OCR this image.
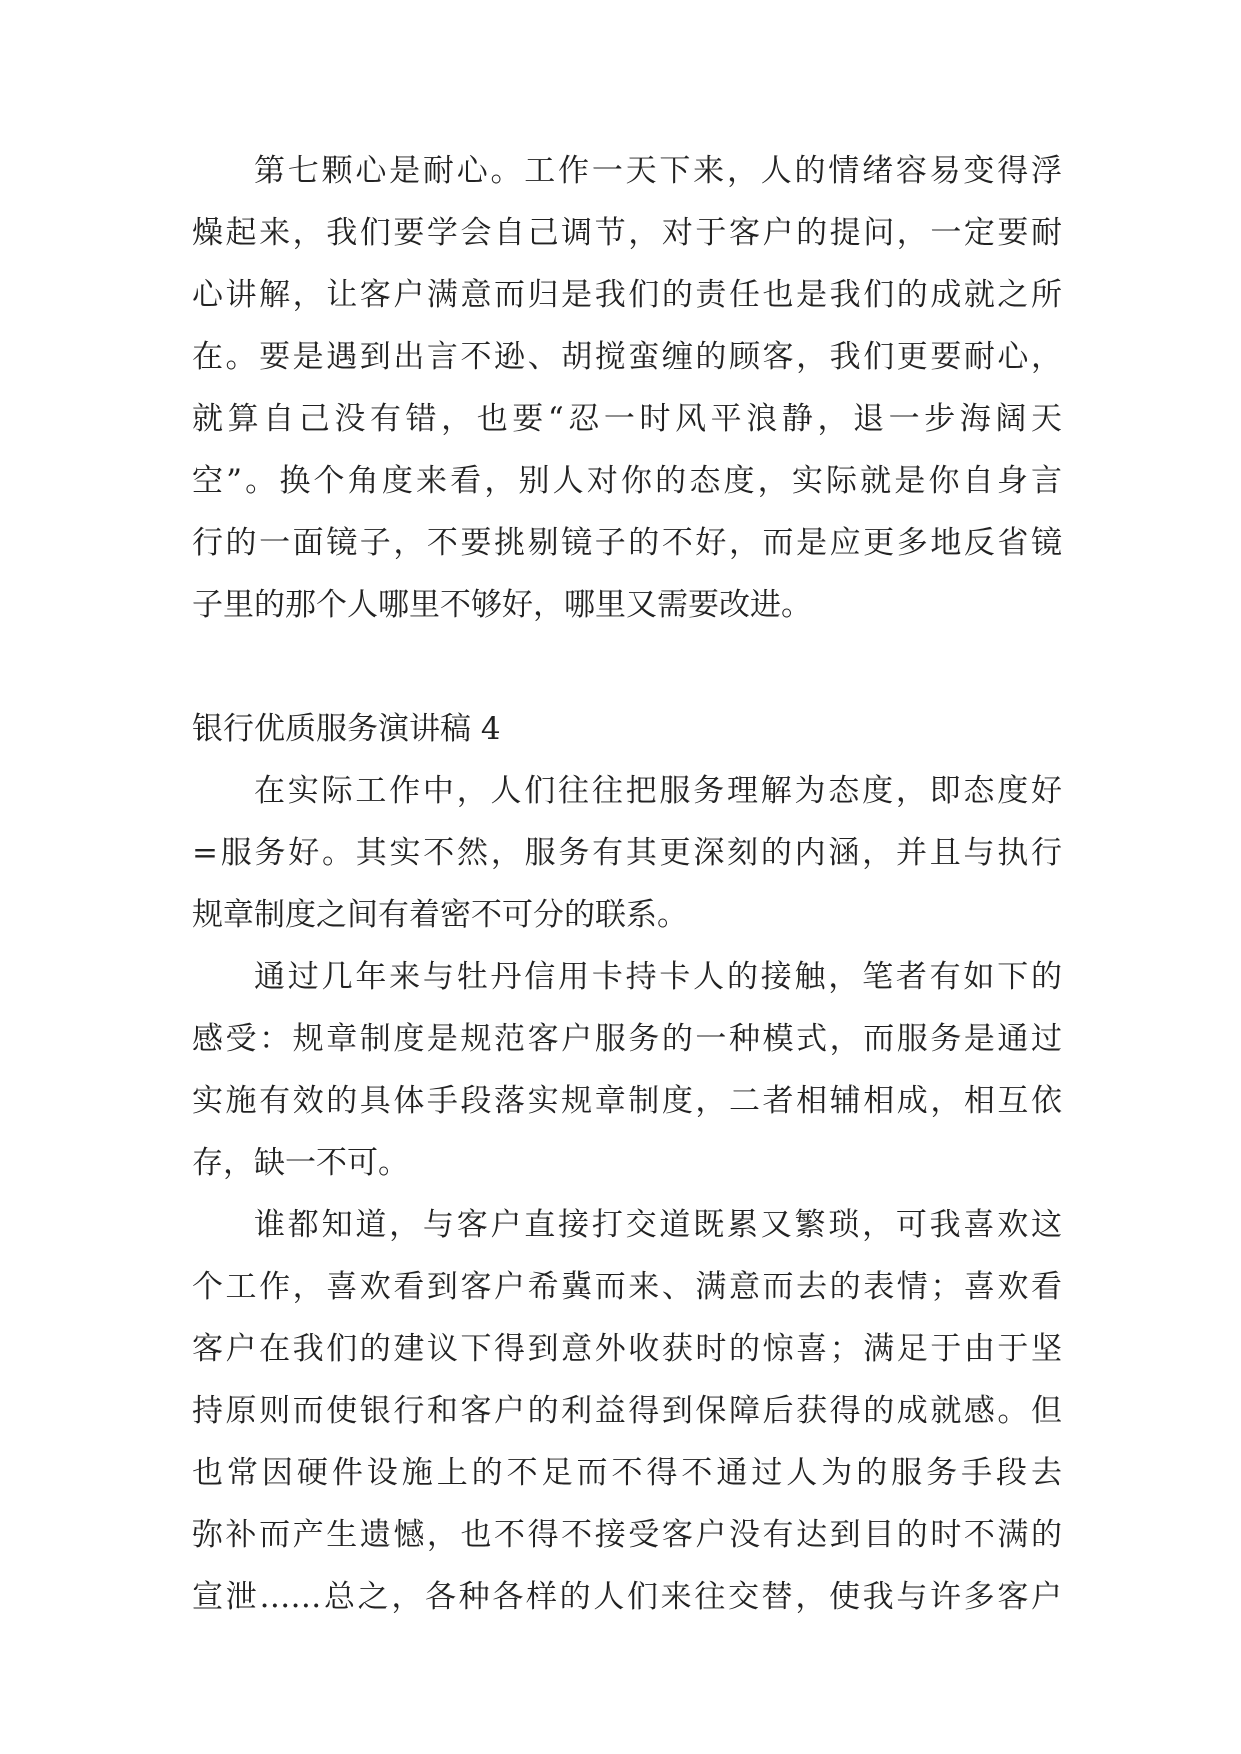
第七颗心是耐心。工作一天下来，人的情绪容易变得浮
燥起来，我们要学会自己调节，对于客户的提问，一定要耐
心讲解，让客户满意而归是我们的责任也是我们的成就之所
在。要是遇到出言不逊、胡搅蛮缠的顾客，我们更要耐心，
就算自己没有错，也要“忍一时风平浪静，退一步海阔天
空”。换个角度来看，别人对你的态度，实际就是你自身言
行的一面镜子，不要挑剔镜子的不好，而是应更多地反省镜
子里的那个人哪里不够好，哪里又需要改进。
银行优质服务演讲稿 4
在实际工作中，人们往往把服务理解为态度，即态度好
=服务好。其实不然，服务有其更深刻的内涵，并且与执行
规章制度之间有着密不可分的联系。
通过几年来与牡丹信用卡持卡人的接触，笔者有如下的
感受：规章制度是规范客户服务的一种模式，而服务是通过
实施有效的具体手段落实规章制度，二者相辅相成，相互依
存，缺一不可。
谁都知道，与客户直接打交道既累又繁琐，可我喜欢这
个工作，喜欢看到客户希冀而来、满意而去的表情；喜欢看
客户在我们的建议下得到意外收获时的惊喜；满足于由于坚
持原则而使银行和客户的利益得到保障后获得的成就感。但
也常因硬件设施上的不足而不得不通过人为的服务手段去
弥补而产生遗憾，也不得不接受客户没有达到目的时不满的
宣泄……总之，各种各样的人们来往交替，使我与许多客户
